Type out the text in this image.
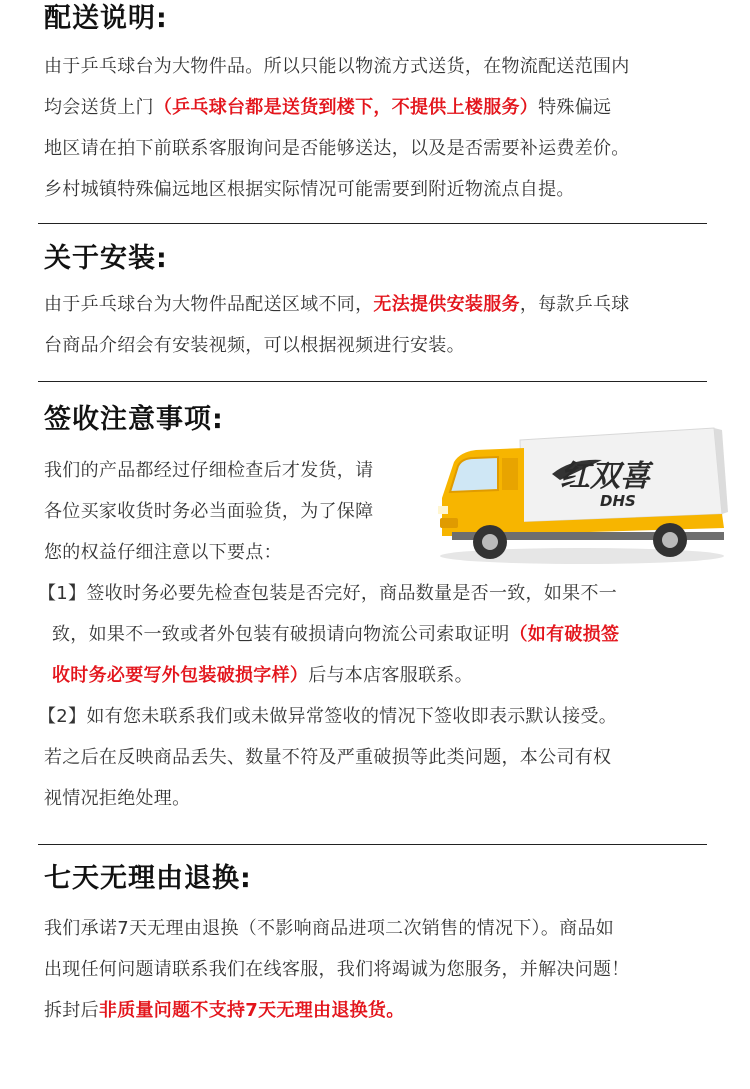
配送说明:

由于乒乓球台为大物件品。所以只能以物流方式送货，在物流配送范围内

均会送货上门（乒乓球台都是送货到楼下，不提供上楼服务）特殊偏远

地区请在拍下前联系客服询问是否能够送达，以及是否需要补运费差价。

乡村城镇特殊偏远地区根据实际情况可能需要到附近物流点自提。

关于安装:

由于乒乓球台为大物件品配送区域不同，无法提供安装服务，每款乒乓球

台商品介绍会有安装视频，可以根据视频进行安装。

签收注意事项:

我们的产品都经过仔细检查后才发货，请

各位买家收货时务必当面验货，为了保障

您的权益仔细注意以下要点：

【1】签收时务必要先检查包装是否完好，商品数量是否一致，如果不一

致，如果不一致或者外包装有破损请向物流公司索取证明（如有破损签

收时务必要写外包装破损字样）后与本店客服联系。

【2】如有您未联系我们或未做异常签收的情况下签收即表示默认接受。

若之后在反映商品丢失、数量不符及严重破损等此类问题，本公司有权

视情况拒绝处理。

红双喜
DHS
七天无理由退换:

我们承诺7天无理由退换（不影响商品进项二次销售的情况下）。商品如

出现任何问题请联系我们在线客服，我们将竭诚为您服务，并解决问题！

拆封后非质量问题不支持7天无理由退换货。
